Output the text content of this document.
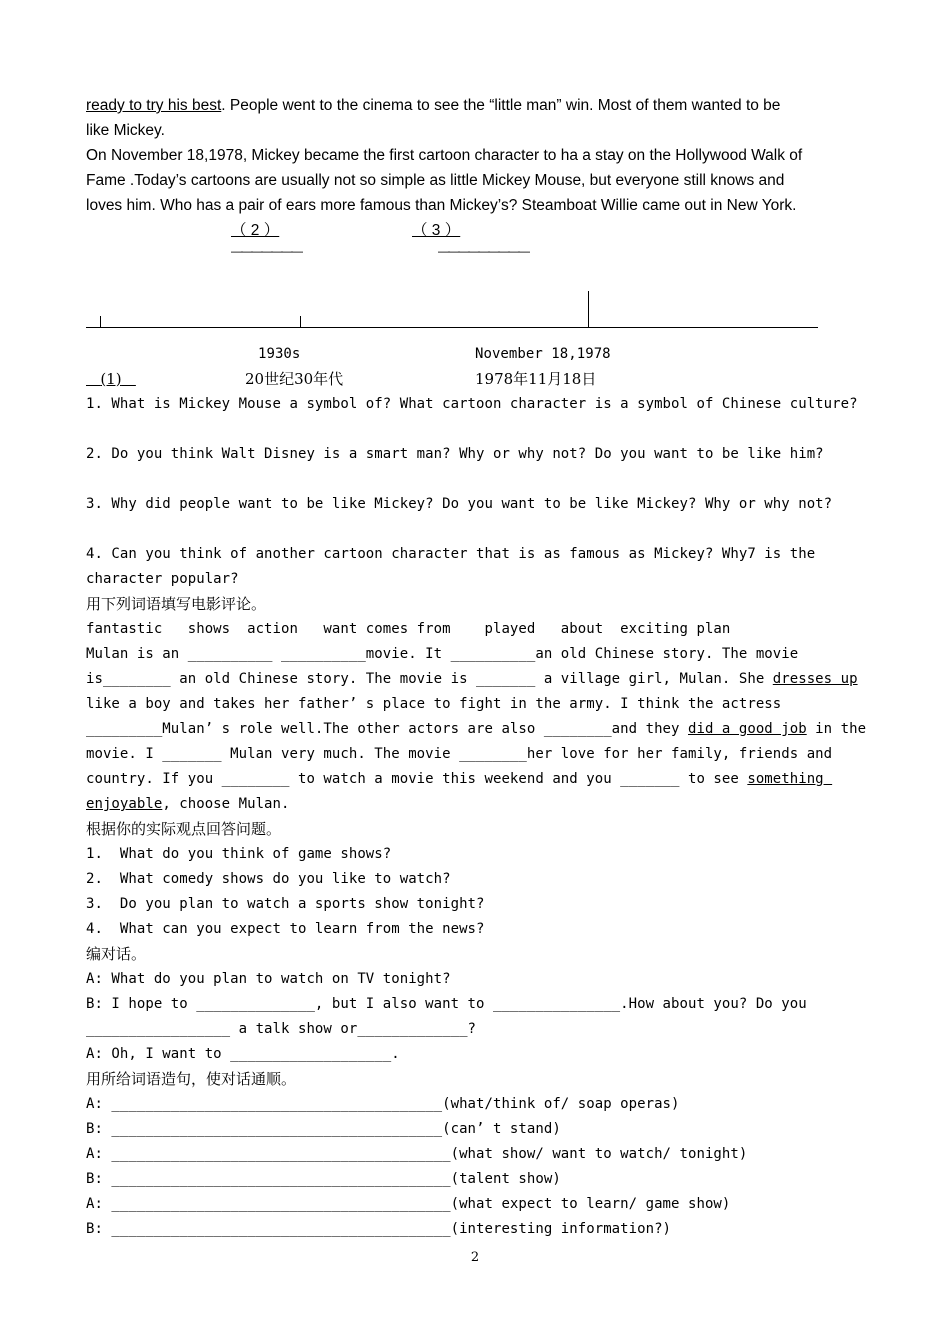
ready to try his best. People went to the cinema to see the “little man” win. Most of them wanted to be
like Mickey.
On November 18,1978, Mickey became the first cartoon character to ha a stay on the Hollywood Walk of
Fame .Today’s cartoons are usually not so simple as little Mickey Mouse, but everyone still knows and
loves him. Who has a pair of ears more famous than Mickey’s? Steamboat Willie came out in New York.
（ 2 ）	（ 3 ）
———————	—————————
1930s	November 18,1978
(1)	20世纪30年代	1978年11月18日
1. What is Mickey Mouse a symbol of? What cartoon character is a symbol of Chinese culture?
2. Do you think Walt Disney is a smart man? Why or why not? Do you want to be like him?
3. Why did people want to be like Mickey? Do you want to be like Mickey? Why or why not?
4. Can you think of another cartoon character that is as famous as Mickey? Why7 is the
character popular?
用下列词语填写电影评论。
fantastic   shows  action   want comes from    played   about  exciting plan
Mulan is an __________ __________movie. It __________an old Chinese story. The movie
is________ an old Chinese story. The movie is _______ a village girl, Mulan. She dresses up
like a boy and takes her father’ s place to fight in the army. I think the actress
_________Mulan’ s role well.The other actors are also ________and they did a good job in the
movie. I _______ Mulan very much. The movie ________her love for her family, friends and
country. If you ________ to watch a movie this weekend and you _______ to see something
enjoyable, choose Mulan.
根据你的实际观点回答问题。
1.  What do you think of game shows?
2.  What comedy shows do you like to watch?
3.  Do you plan to watch a sports show tonight?
4.  What can you expect to learn from the news?
编对话。
A: What do you plan to watch on TV tonight?
B: I hope to ______________, but I also want to _______________.How about you? Do you
_________________ a talk show or_____________?
A: Oh, I want to ___________________.
用所给词语造句，使对话通顺。
A: _______________________________________(what/think of/ soap operas)
B: _______________________________________(can’ t stand)
A: ________________________________________(what show/ want to watch/ tonight)
B: ________________________________________(talent show)
A: ________________________________________(what expect to learn/ game show)
B: ________________________________________(interesting information?)
2
